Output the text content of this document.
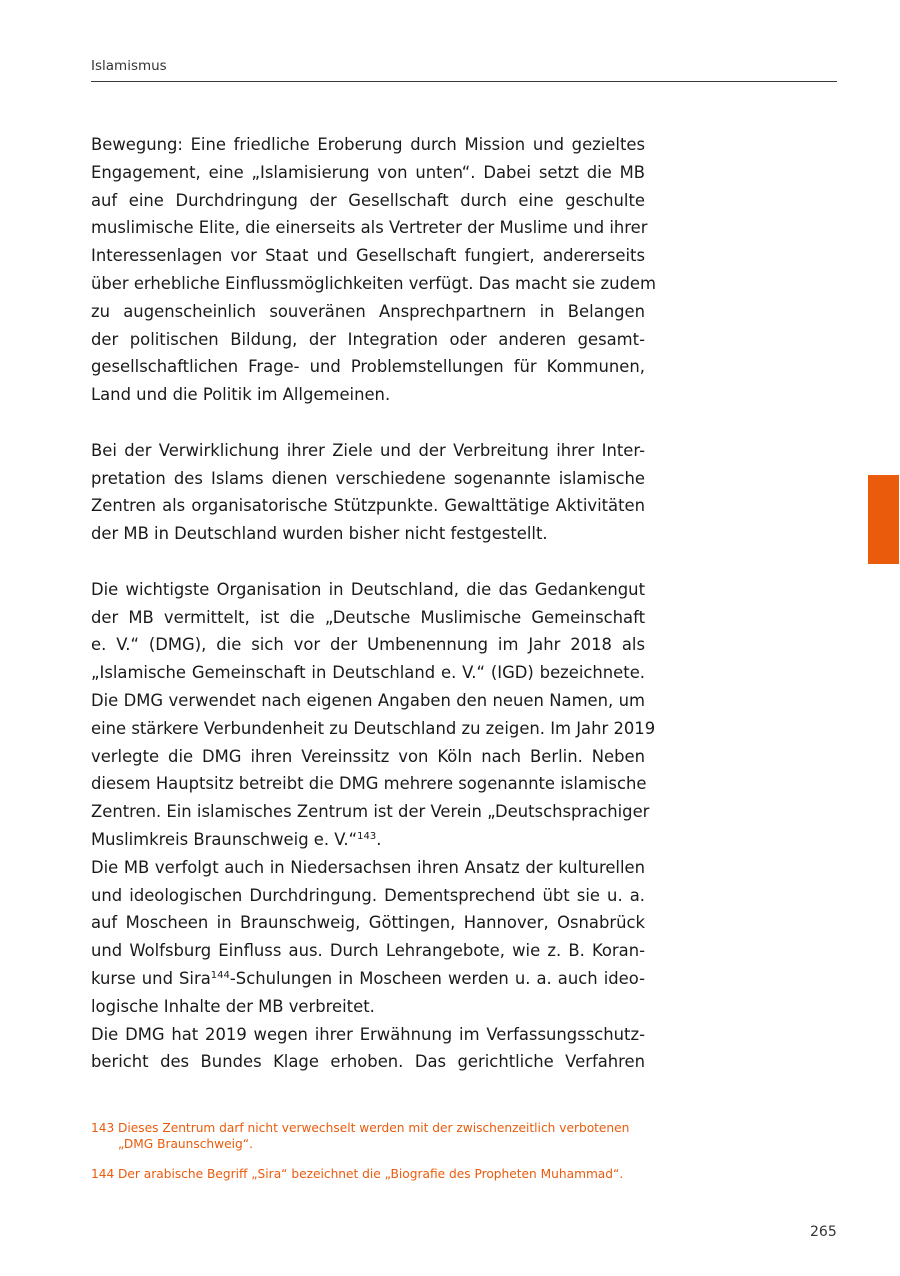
Islamismus

Bewegung: Eine friedliche Eroberung durch Mission und gezieltes
Engagement, eine „Islamisierung von unten“. Dabei setzt die MB
auf eine Durchdringung der Gesellschaft durch eine geschulte
muslimische Elite, die einerseits als Vertreter der Muslime und ihrer
Interessenlagen vor Staat und Gesellschaft fungiert, andererseits
über erhebliche Einflussmöglichkeiten verfügt. Das macht sie zudem
zu augenscheinlich souveränen Ansprechpartnern in Belangen
der politischen Bildung, der Integration oder anderen gesamt-
gesellschaftlichen Frage- und Problemstellungen für Kommunen,
Land und die Politik im Allgemeinen.

Bei der Verwirklichung ihrer Ziele und der Verbreitung ihrer Inter-
pretation des Islams dienen verschiedene sogenannte islamische
Zentren als organisatorische Stützpunkte. Gewalttätige Aktivitäten
der MB in Deutschland wurden bisher nicht festgestellt.

Die wichtigste Organisation in Deutschland, die das Gedankengut
der MB vermittelt, ist die „Deutsche Muslimische Gemeinschaft
e. V.“ (DMG), die sich vor der Umbenennung im Jahr 2018 als
„Islamische Gemeinschaft in Deutschland e. V.“ (IGD) bezeichnete.
Die DMG verwendet nach eigenen Angaben den neuen Namen, um
eine stärkere Verbundenheit zu Deutschland zu zeigen. Im Jahr 2019
verlegte die DMG ihren Vereinssitz von Köln nach Berlin. Neben
diesem Hauptsitz betreibt die DMG mehrere sogenannte islamische
Zentren. Ein islamisches Zentrum ist der Verein „Deutschsprachiger
Muslimkreis Braunschweig e. V.“$^{143}$.

Die MB verfolgt auch in Niedersachsen ihren Ansatz der kulturellen
und ideologischen Durchdringung. Dementsprechend übt sie u. a.
auf Moscheen in Braunschweig, Göttingen, Hannover, Osnabrück
und Wolfsburg Einfluss aus. Durch Lehrangebote, wie z. B. Koran-
kurse und Sira$^{144}$-Schulungen in Moscheen werden u. a. auch ideo-
logische Inhalte der MB verbreitet.

Die DMG hat 2019 wegen ihrer Erwähnung im Verfassungsschutz-
bericht des Bundes Klage erhoben. Das gerichtliche Verfahren

143 Dieses Zentrum darf nicht verwechselt werden mit der zwischenzeitlich verbotenen „DMG Braunschweig“.
144 Der arabische Begriff „Sira“ bezeichnet die „Biografie des Propheten Muhammad“.
265
